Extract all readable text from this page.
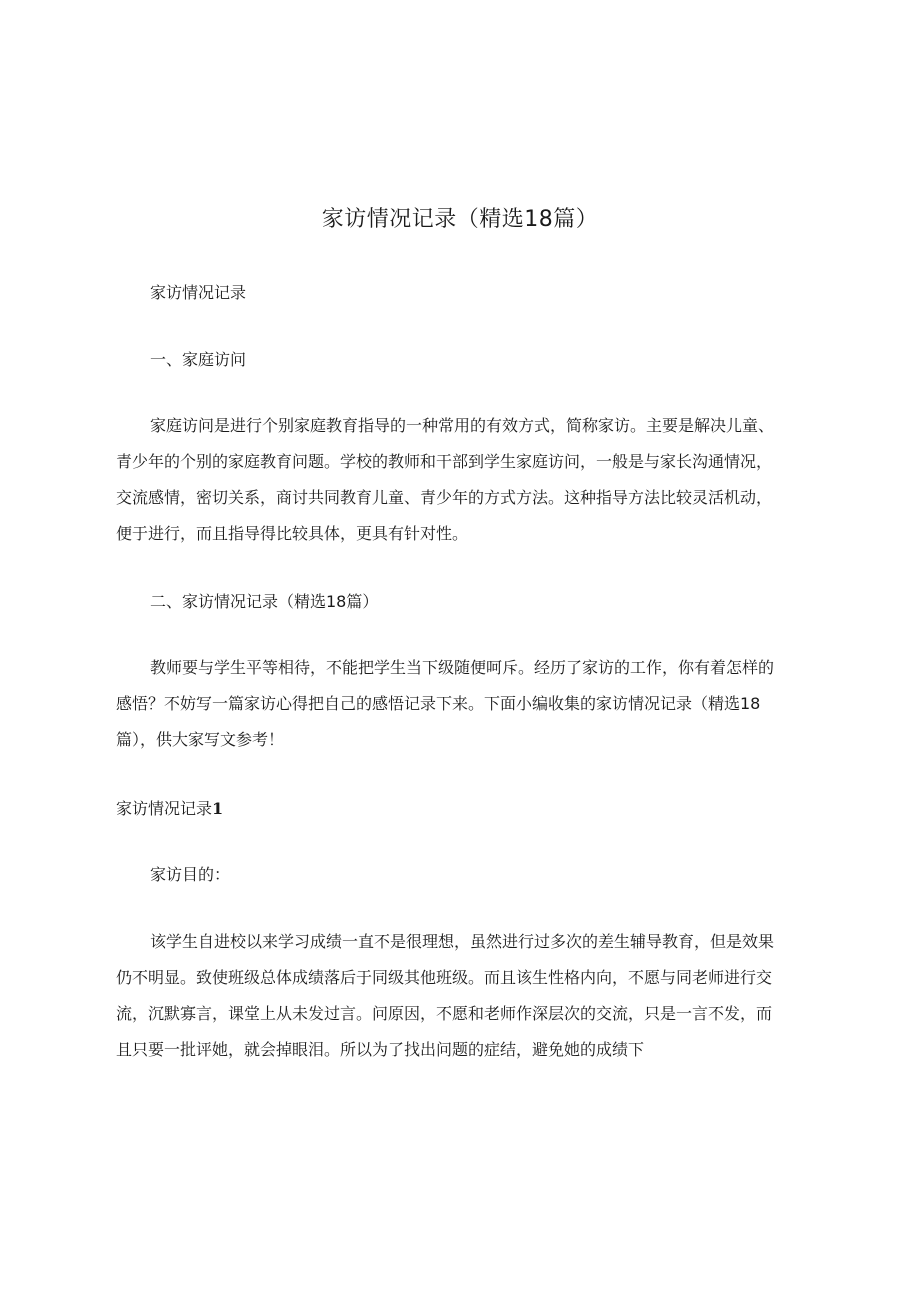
家访情况记录（精选18篇）
家访情况记录
一、家庭访问
家庭访问是进行个别家庭教育指导的一种常用的有效方式，简称家访。主要是解决儿童、
青少年的个别的家庭教育问题。学校的教师和干部到学生家庭访问，一般是与家长沟通情况，
交流感情，密切关系，商讨共同教育儿童、青少年的方式方法。这种指导方法比较灵活机动，
便于进行，而且指导得比较具体，更具有针对性。
二、家访情况记录（精选18篇）
教师要与学生平等相待，不能把学生当下级随便呵斥。经历了家访的工作，你有着怎样的
感悟？不妨写一篇家访心得把自己的感悟记录下来。下面小编收集的家访情况记录（精选18
篇），供大家写文参考！
家访情况记录1
家访目的：
该学生自进校以来学习成绩一直不是很理想，虽然进行过多次的差生辅导教育，但是效果
仍不明显。致使班级总体成绩落后于同级其他班级。而且该生性格内向，不愿与同老师进行交
流，沉默寡言，课堂上从未发过言。问原因，不愿和老师作深层次的交流，只是一言不发，而
且只要一批评她，就会掉眼泪。所以为了找出问题的症结，避免她的成绩下
